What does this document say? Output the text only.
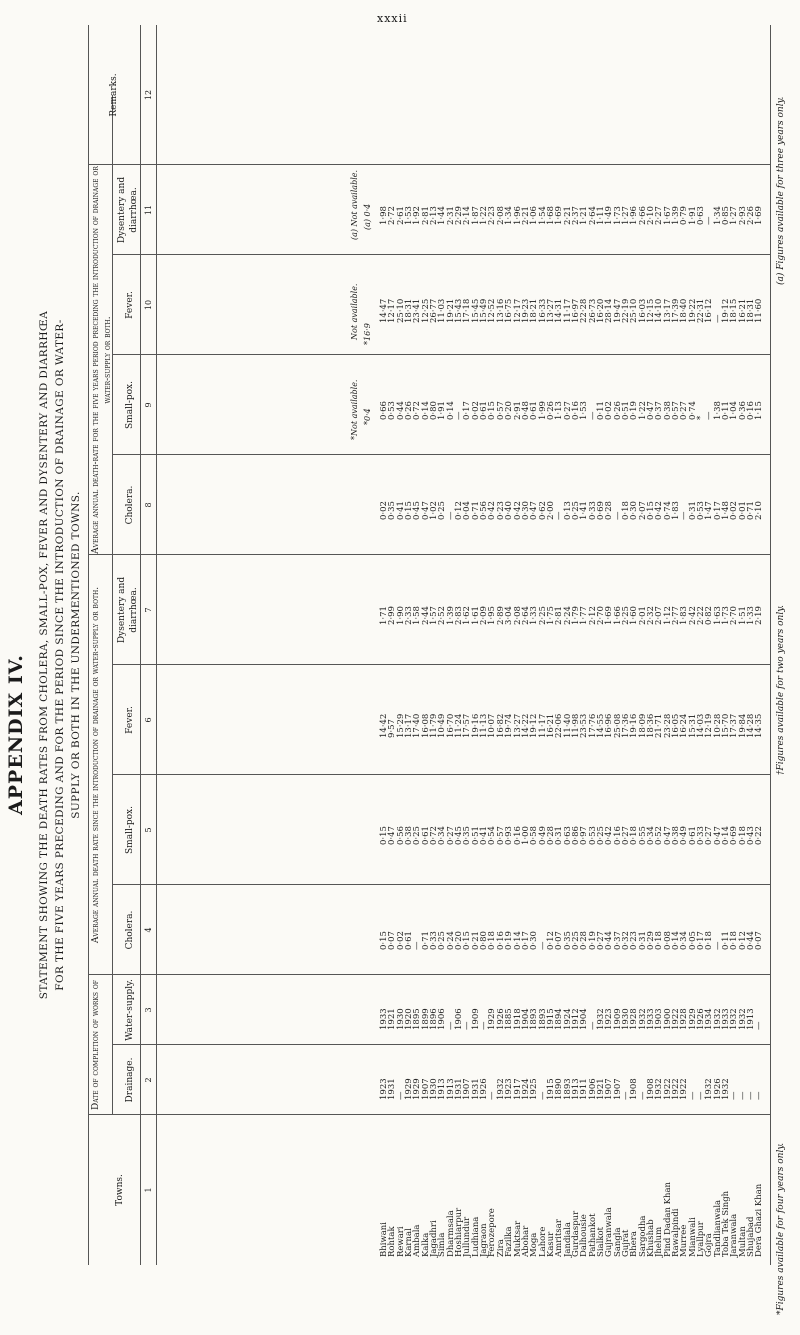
xxxii
APPENDIX IV. STATEMENT SHOWING THE DEATH RATES FROM CHOLERA, SMALL-POX, FEVER AND DYSENTERY AND DIARRHŒA FOR THE FIVE YEARS PRECEDING AND FOR THE PERIOD SINCE THE INTRODUCTION OF DRAINAGE OR WATER-SUPPLY OR BOTH IN THE UNDERMENTIONED TOWNS.
Date of completion of works of
Average annual death rate since the introduction of drainage or water-supply or both.
Average annual death-rate for the five years period preceding the introduction of drainage or water-supply or both.
Towns.
Drainage.
Water-supply.
Cholera.
Small-pox.
Fever.
Dysentery and diarrhœa.
Cholera.
Small-pox.
Fever.
Dysentery and diarrhœa.
Remarks.
1
2
3
4
5
6
7
8
9
10
11
12
Bhiwani
Rohtak
Rewari
Karnal
Ambala
Kalka
Jagadhri
Simla
Dharmsala
Hoshiarpur
Jullundur
Ludhiana
Jagraon
Ferozepore
Zira
Fazilka
Muktsar
Abohar
Moga
Lahore
Kasur
Amritsar
Jandiala
Gurdaspur
Dalhousie
Pathankot
Sialkot
Gujranwala
Sangla
Gujrat
Bhera
Sargodha
Khushab
Jhelum
Pind Dadan Khan
Rawalpindi
Murree
Mianwali
Lyallpur
Gojra
Tandlianwala
Toba Tek Singh
Jaranwala
Multan
Shujabad
Dera Ghazi Khan
1923
1931
—
1929
1929
1907
1930
1913
1913
1931
1907
1931
1926
—
1932
1923
1917
1924
1925
—
1915
1890
1893
1913
1911
1906
1921
1907
1907
—
1908
—
1908
1932
1922
1922
1922
—
—
1932
1926
1932
—
—
—
—
1933
1921
1930
1920
1895
1899
1896
1906
—
1906
—
1909
—
1929
1926
1885
1918
1904
1893
1893
1915
1894
1924
1912
1904
—
1932
1923
1909
1930
1928
1932
1933
1903
1900
1922
1928
1929
1926
1934
1932
1933
1932
1932
1913
—
0·15
0·07
0·02
0·61
—
0·71
0·33
0·25
0·24
0·20
0·15
0·21
0·80
0·18
0·16
0·19
0·14
0·17
0·30
—
0·12
0·07
0·35
0·25
0·28
0·19
0·27
0·44
0·37
0·32
0·23
0·31
0·29
0·18
0·08
0·14
0·34
0·05
0·17
0·18
—
0·11
0·18
0·12
0·44
0·07
0·15
0·47
0·56
0·38
0·25
0·61
0·72
0·34
0·27
0·45
0·35
0·51
0·41
0·54
0·57
0·93
0·16
1·00
0·58
0·49
0·28
0·31
0·63
0·86
0·97
0·53
0·25
0·42
0·16
0·27
0·18
0·55
0·34
0·52
0·47
0·38
0·49
0·61
0·33
0·27
0·47
0·14
0·69
0·18
0·43
0·22
14·42
9·57
15·29
13·17
17·40
16·08
11·79
10·49
16·70
11·24
17·57
19·16
11·13
10·07
16·82
19·74
13·27
14·22
19·12
11·17
16·21
22·06
11·40
11·98
23·53
17·76
14·55
16·96
25·08
17·36
19·16
18·09
18·36
21·71
23·28
16·05
16·24
15·31
14·03
12·19
10·28
15·70
17·37
19·84
14·28
14·35
1·71
2·99
1·90
2·33
1·58
2·44
1·57
2·52
1·39
2·83
1·62
1·61
2·09
1·95
2·89
3·04
2·08
2·64
1·33
2·25
1·75
2·81
2·24
1·79
1·77
2·12
2·70
1·69
1·66
2·25
1·60
2·01
2·32
2·07
1·12
2·77
1·83
2·42
2·22
0·82
1·63
1·73
2·70
1·51
1·33
2·19
0·02
0·35
0·41
0·15
0·45
0·47
1·02
0·25
—
0·12
0·04
0·71
0·56
0·42
0·23
0·40
0·42
0·30
0·47
0·62
2·00
—
0·13
0·25
1·41
0·33
0·69
0·28
—
0·18
0·30
2·07
0·15
0·42
0·74
1·83
—
0·31
0·53
1·47
0·17
1·48
0·02
0·01
0·71
2·10
0·66
0·53
0·44
0·26
0·72
0·14
0·80
1·91
0·14
—
0·17
0·02
0·61
0·15
0·57
0·20
2·91
0·48
0·61
1·99
0·26
1·13
0·27
0·16
1·53
—
0·11
0·02
0·26
0·51
0·19
1·22
0·47
0·37
0·38
0·57
0·27
0·74
*
—
1·38
0·11
1·04
0·36
0·16
1·15
14·47
12·17
25·10
18·31
23·41
12·25
26·77
11·03
19·21
15·43
17·18
15·45
15·49
12·52
13·16
16·75
12·17
19·23
18·21
16·33
13·27
14·31
11·17
16·97
22·28
26·73
16·20
28·14
19·47
22·19
25·10
16·03
12·15
14·10
13·17
17·39
18·40
19·22
22·31
16·12
—
19·12
18·15
16·21
18·31
11·60
1·98
2·72
2·61
1·53
1·92
2·81
2·13
1·44
2·31
2·29
2·14
1·87
1·22
2·23
2·08
1·34
1·96
2·21
1·06
1·54
1·68
1·69
2·21
2·37
1·21
2·64
1·11
1·49
1·73
1·27
1·96
2·66
2·10
2·27
1·67
1·39
0·79
1·91
0·63
—
1·34
0·85
1·27
2·93
2·26
1·69
*16·9
(a) 0·4
*0·4
*Not available.
Not available.
(a) Not available.
*Figures available for four years only.
†Figures available for two years only.
(a) Figures available for three years only.
